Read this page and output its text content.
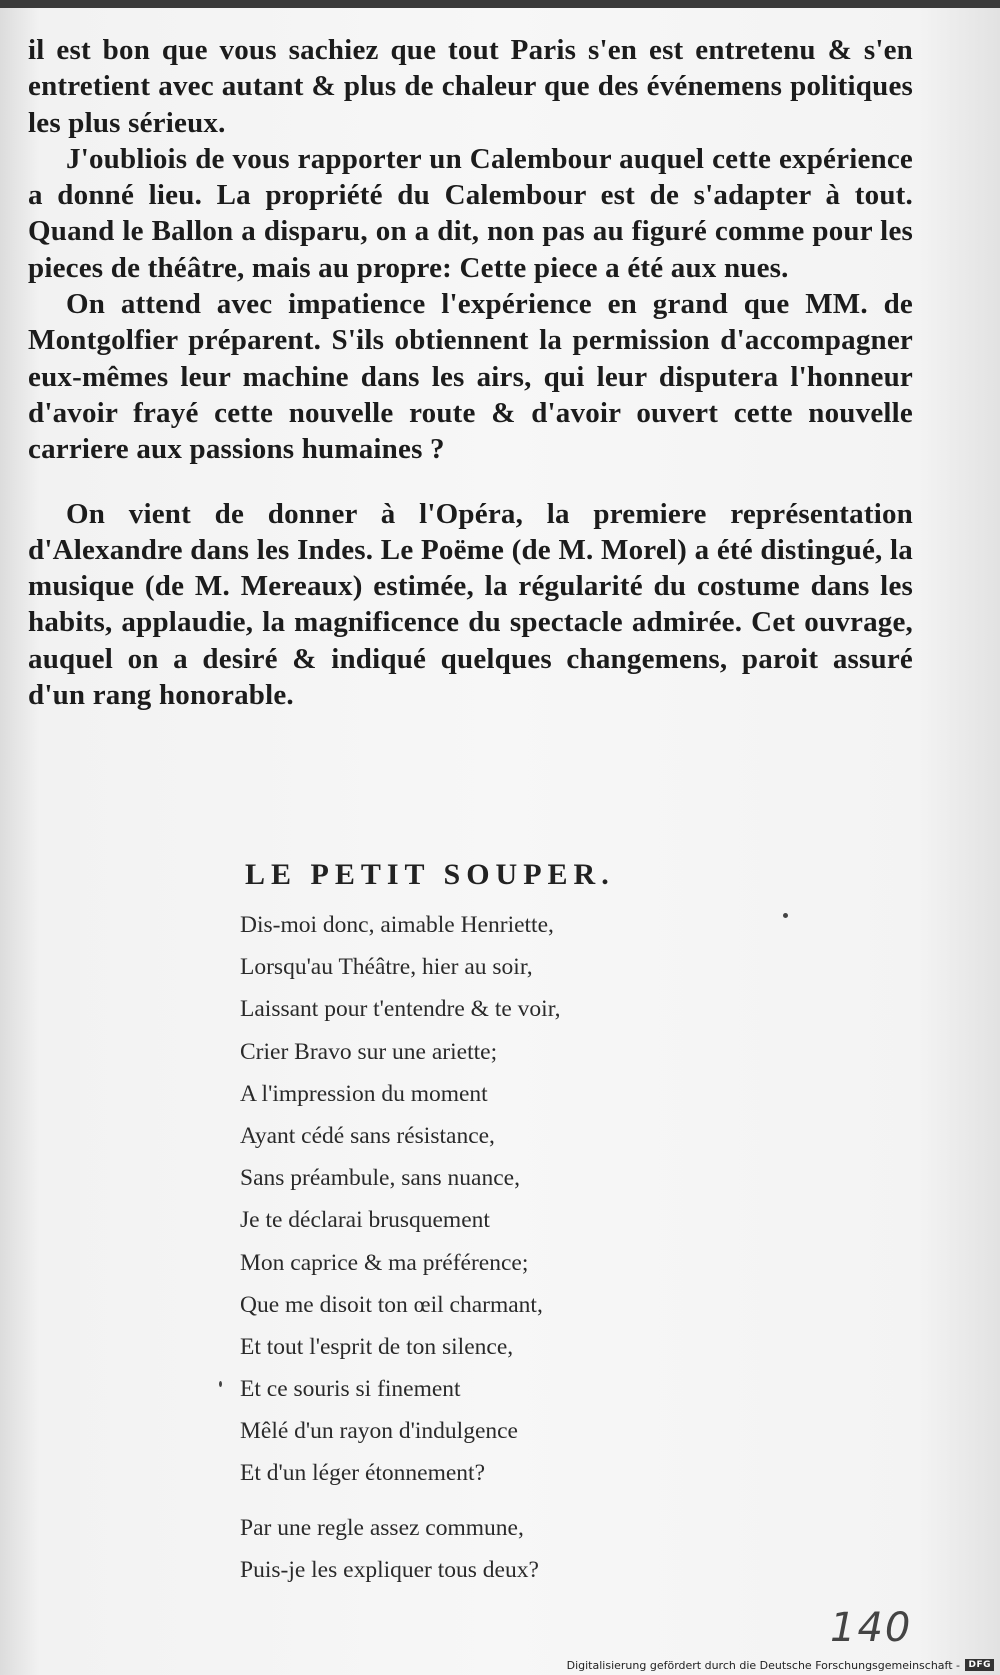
il est bon que vous sachiez que tout Paris s'en est entretenu & s'en entretient avec autant & plus de chaleur que des événemens politiques les plus sérieux.

J'oubliois de vous rapporter un Calembour auquel cette expérience a donné lieu. La propriété du Calembour est de s'adapter à tout. Quand le Ballon a disparu, on a dit, non pas au figuré comme pour les pieces de théâtre, mais au propre: Cette piece a été aux nues.

On attend avec impatience l'expérience en grand que MM. de Montgolfier préparent. S'ils obtiennent la permission d'accompagner eux-mêmes leur machine dans les airs, qui leur disputera l'honneur d'avoir frayé cette nouvelle route & d'avoir ouvert cette nouvelle carriere aux passions humaines ?

On vient de donner à l'Opéra, la premiere représentation d'Alexandre dans les Indes. Le Poëme (de M. Morel) a été distingué, la musique (de M. Mereaux) estimée, la régularité du costume dans les habits, applaudie, la magnificence du spectacle admirée. Cet ouvrage, auquel on a desiré & indiqué quelques changemens, paroit assuré d'un rang honorable.

LE PETIT SOUPER.
Dis-moi donc, aimable Henriette,
Lorsqu'au Théâtre, hier au soir,
Laissant pour t'entendre & te voir,
Crier Bravo sur une ariette;
A l'impression du moment
Ayant cédé sans résistance,
Sans préambule, sans nuance,
Je te déclarai brusquement
Mon caprice & ma préférence;
Que me disoit ton œil charmant,
Et tout l'esprit de ton silence,
Et ce souris si finement
Mêlé d'un rayon d'indulgence
Et d'un léger étonnement?
Par une regle assez commune,
Puis-je les expliquer tous deux?
140
Digitalisierung gefördert durch die Deutsche Forschungsgemeinschaft - DFG
